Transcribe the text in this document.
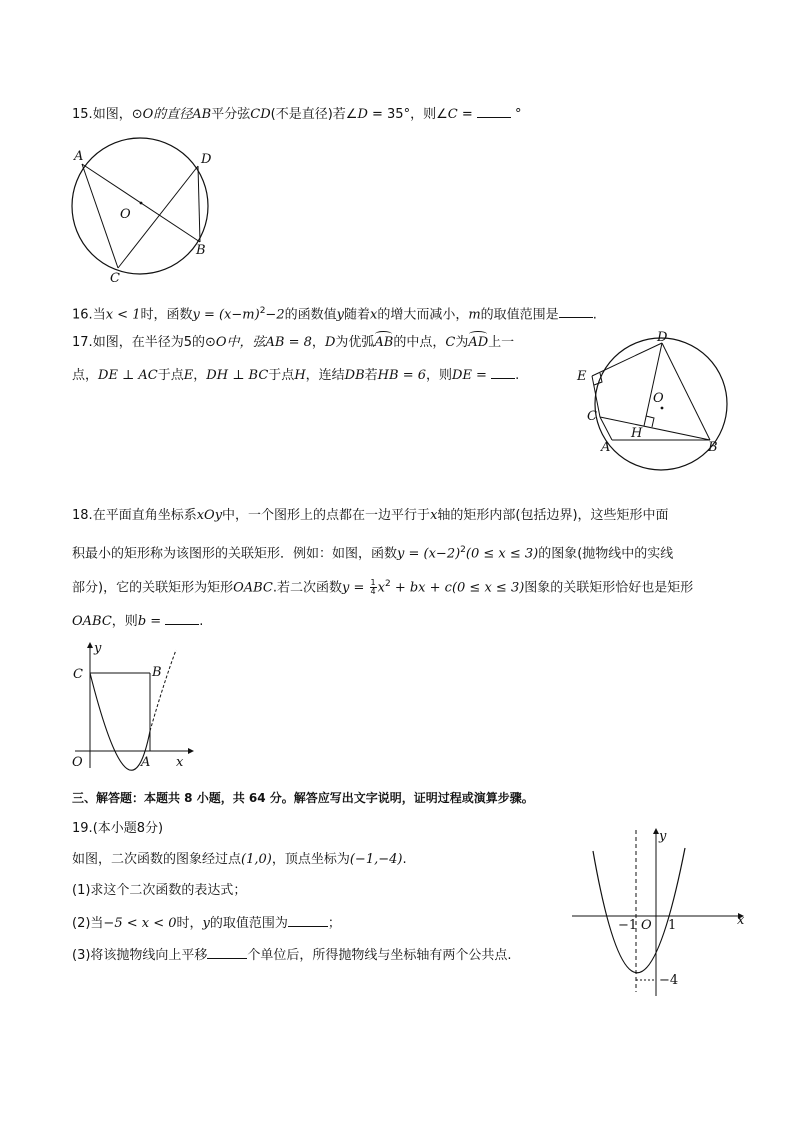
15.如图，⊙O的直径AB平分弦CD(不是直径)若∠D = 35°，则∠C =	°
A
O
D
B
C
16.当x < 1时，函数$y = (x-m)^2-2$的函数值y随着x的增大而减小，m的取值范围是	.
17.如图，在半径为5的⊙O中，弦AB = 8，D为优弧AB的中点，C为AD上一
点，DE ⊥ AC于点E，DH ⊥ BC于点H，连结DB若HB = 6，则DE = .
D
E
O
C
H
A	B
18.在平面直角坐标系xOy中，一个图形上的点都在一边平行于x轴的矩形内部(包括边界)，这些矩形中面
积最小的矩形称为该图形的关联矩形．例如：如图，函数$y = (x-2)^2(0 \le x \le 3)$的图象(抛物线中的实线
部分)，它的关联矩形为矩形OABC.若二次函数$y = \frac{1}{4} x^2$ + bx + c(0 ≤ x ≤ 3)图象的关联矩形恰好也是矩形
OABC，则b =	.
y
C	B
O	A x
三、解答题：本题共 8 小题，共 64 分。解答应写出文字说明，证明过程或演算步骤。
19.(本小题8分)
如图，二次函数的图象经过点(1,0)，顶点坐标为(−1,−4).
(1)求这个二次函数的表达式；
(2)当−5 < x < 0时，y的取值范围为	；
(3)将该抛物线向上平移	个单位后，所得抛物线与坐标轴有两个公共点.
y
x
−1 O 1
−4
